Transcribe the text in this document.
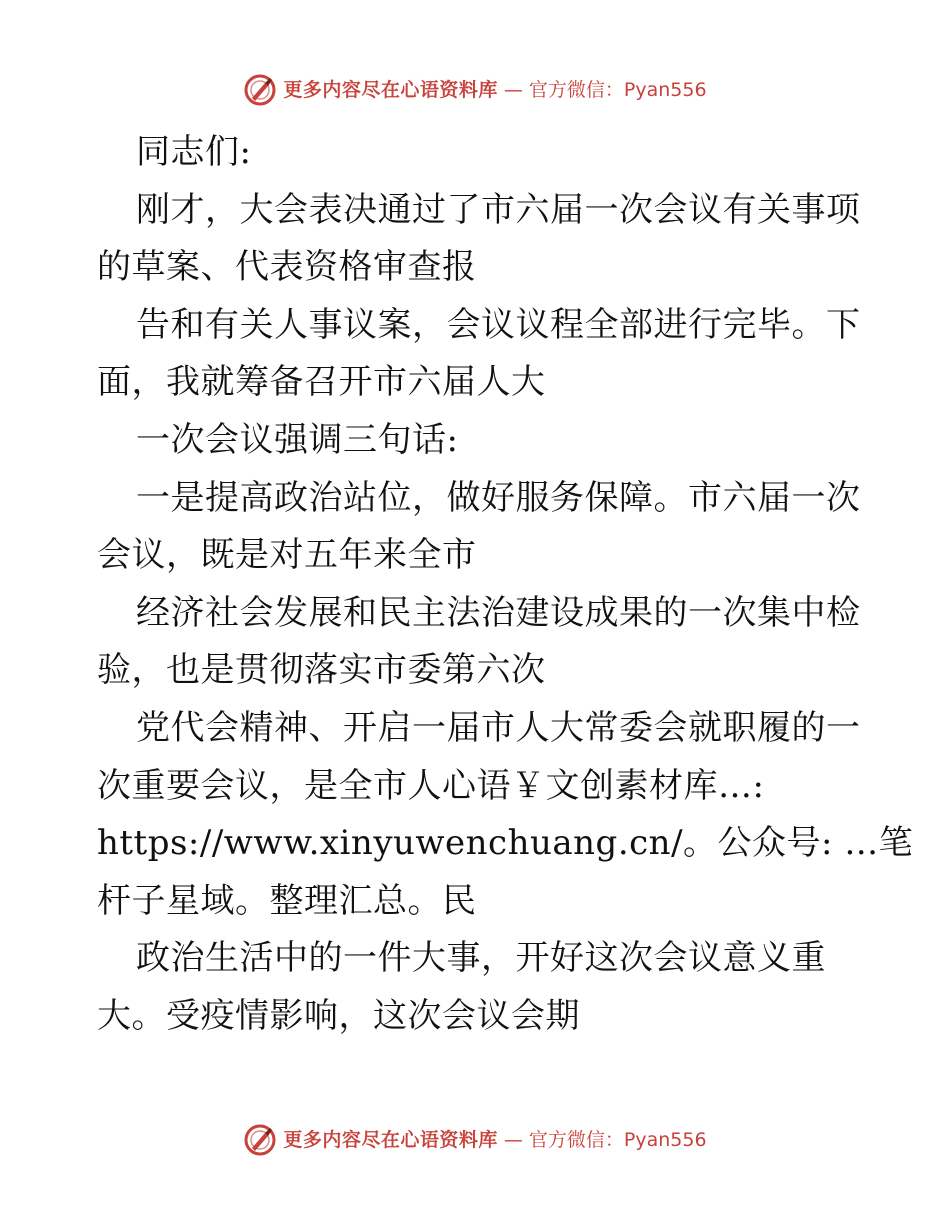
更多内容尽在心语资料库 — 官方微信：Pyan556
同志们:
刚才，大会表决通过了市六届一次会议有关事项
的草案、代表资格审查报
告和有关人事议案，会议议程全部进行完毕。下
面，我就筹备召开市六届人大
一次会议强调三句话:
一是提高政治站位，做好服务保障。市六届一次
会议，既是对五年来全市
经济社会发展和民主法治建设成果的一次集中检
验，也是贯彻落实市委第六次
党代会精神、开启一届市人大常委会就职履的一
次重要会议，是全市人心语￥文创素材库…:
https://www.xinyuwenchuang.cn/。公众号: …笔
杆子星域。整理汇总。民
政治生活中的一件大事，开好这次会议意义重
大。受疫情影响，这次会议会期
更多内容尽在心语资料库 — 官方微信：Pyan556
